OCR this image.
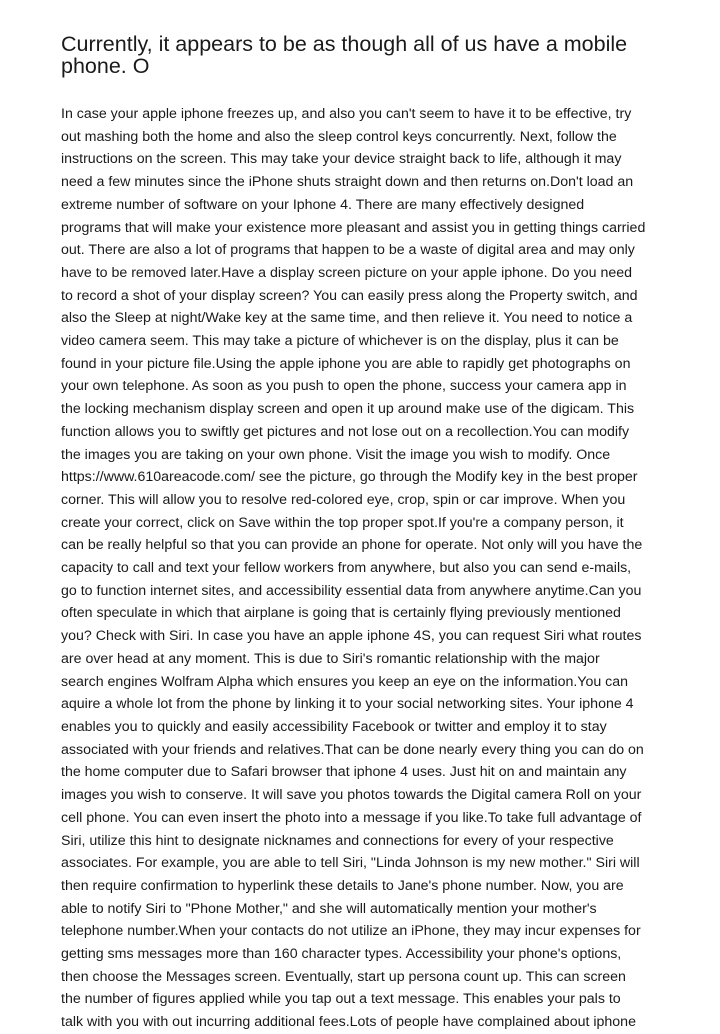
Currently, it appears to be as though all of us have a mobile
phone. O
In case your apple iphone freezes up, and also you can't seem to have it to be effective, try
out mashing both the home and also the sleep control keys concurrently. Next, follow the
instructions on the screen. This may take your device straight back to life, although it may
need a few minutes since the iPhone shuts straight down and then returns on.Don't load an
extreme number of software on your Iphone 4. There are many effectively designed
programs that will make your existence more pleasant and assist you in getting things carried
out. There are also a lot of programs that happen to be a waste of digital area and may only
have to be removed later.Have a display screen picture on your apple iphone. Do you need
to record a shot of your display screen? You can easily press along the Property switch, and
also the Sleep at night/Wake key at the same time, and then relieve it. You need to notice a
video camera seem. This may take a picture of whichever is on the display, plus it can be
found in your picture file.Using the apple iphone you are able to rapidly get photographs on
your own telephone. As soon as you push to open the phone, success your camera app in
the locking mechanism display screen and open it up around make use of the digicam. This
function allows you to swiftly get pictures and not lose out on a recollection.You can modify
the images you are taking on your own phone. Visit the image you wish to modify. Once
https://www.610areacode.com/ see the picture, go through the Modify key in the best proper
corner. This will allow you to resolve red-colored eye, crop, spin or car improve. When you
create your correct, click on Save within the top proper spot.If you're a company person, it
can be really helpful so that you can provide an phone for operate. Not only will you have the
capacity to call and text your fellow workers from anywhere, but also you can send e-mails,
go to function internet sites, and accessibility essential data from anywhere anytime.Can you
often speculate in which that airplane is going that is certainly flying previously mentioned
you? Check with Siri. In case you have an apple iphone 4S, you can request Siri what routes
are over head at any moment. This is due to Siri's romantic relationship with the major
search engines Wolfram Alpha which ensures you keep an eye on the information.You can
aquire a whole lot from the phone by linking it to your social networking sites. Your iphone 4
enables you to quickly and easily accessibility Facebook or twitter and employ it to stay
associated with your friends and relatives.That can be done nearly every thing you can do on
the home computer due to Safari browser that iphone 4 uses. Just hit on and maintain any
images you wish to conserve. It will save you photos towards the Digital camera Roll on your
cell phone. You can even insert the photo into a message if you like.To take full advantage of
Siri, utilize this hint to designate nicknames and connections for every of your respective
associates. For example, you are able to tell Siri, "Linda Johnson is my new mother." Siri will
then require confirmation to hyperlink these details to Jane's phone number. Now, you are
able to notify Siri to "Phone Mother," and she will automatically mention your mother's
telephone number.When your contacts do not utilize an iPhone, they may incur expenses for
getting sms messages more than 160 character types. Accessibility your phone's options,
then choose the Messages screen. Eventually, start up persona count up. This can screen
the number of figures applied while you tap out a text message. This enables your pals to
talk with you with out incurring additional fees.Lots of people have complained about iphone
